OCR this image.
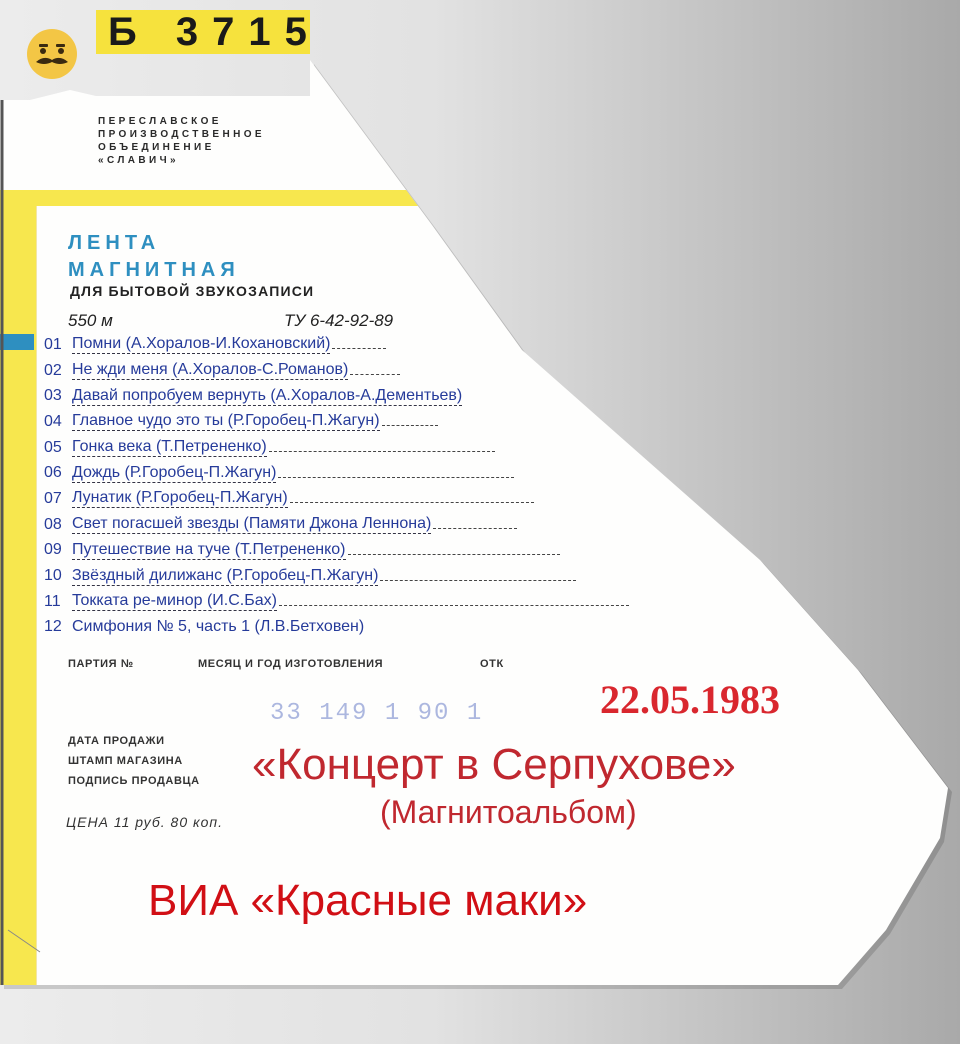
Б 3715
ПЕРЕСЛАВСКОЕ
ПРОИЗВОДСТВЕННОЕ
ОБЪЕДИНЕНИЕ
«СЛАВИЧ»
ЛЕНТА
МАГНИТНАЯ
ДЛЯ БЫТОВОЙ ЗВУКОЗАПИСИ
550 м	ТУ 6-42-92-89
01 Помни (А.Хоралов-И.Кохановский)
02 Не жди меня (А.Хоралов-С.Романов)
03 Давай попробуем вернуть (А.Хоралов-А.Дементьев)
04 Главное чудо это ты (Р.Горобец-П.Жагун)
05 Гонка века (Т.Петрененко)
06 Дождь (Р.Горобец-П.Жагун)
07 Лунатик (Р.Горобец-П.Жагун)
08 Свет погасшей звезды (Памяти Джона Леннона)
09 Путешествие на туче (Т.Петрененко)
10 Звёздный дилижанс (Р.Горобец-П.Жагун)
11 Токката ре-минор (И.С.Бах)
12 Симфония № 5, часть 1 (Л.В.Бетховен)
ПАРТИЯ №	МЕСЯЦ И ГОД ИЗГОТОВЛЕНИЯ	ОТК
33 149 1 90 1	22.05.1983
ДАТА ПРОДАЖИ
ШТАМП МАГАЗИНА
ПОДПИСЬ ПРОДАВЦА «Концерт в Серпухове»
(Магнитоальбом)
ЦЕНА 11 руб. 80 коп.
ВИА «Красные маки»
